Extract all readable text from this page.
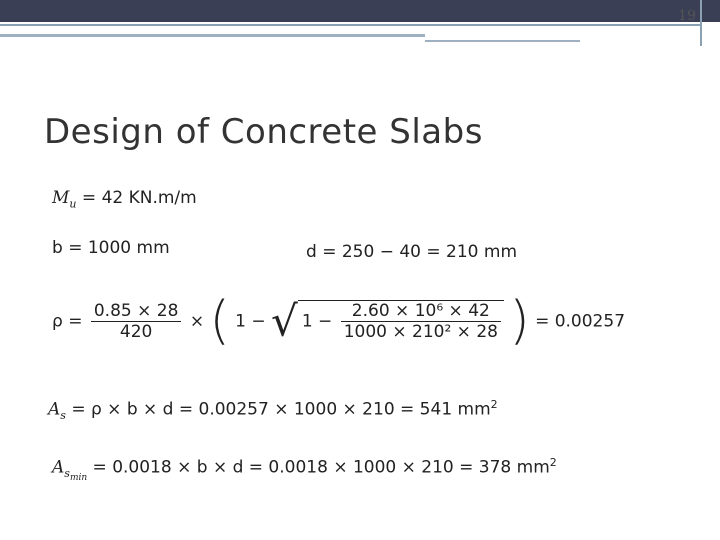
19
Design of Concrete Slabs
$M_u = 42$ KN.m/m
b = 1000 mm	d = 250 − 40 = 210 mm
$\rho = \frac{0.85 \times 28}{420}$ × ( 1 − √ $1 - \frac{\text{2.60 × 10⁶ × 42}}{\text{1000 × 210² × 28}}$ ) = 0.00257
$A_s = \rho \times b \times d = 0.00257 \times 1000 \times 210 = 541$ $mm^2$
$A_{s_{min}} = 0.0018 \times b \times d = 0.0018 \times 1000 \times 210 = 378$ $mm^2$
